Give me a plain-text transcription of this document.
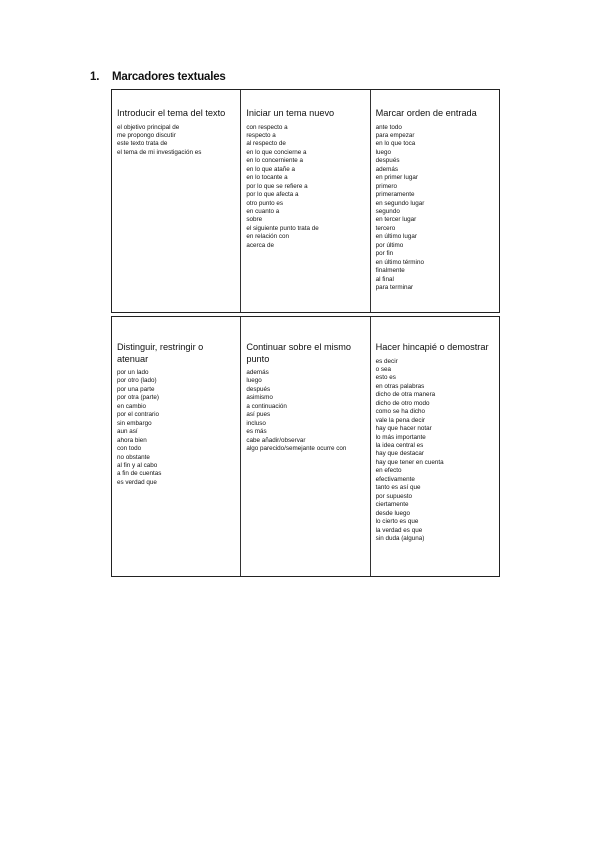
1. Marcadores textuales
Introducir el tema del texto
el objetivo principal de
me propongo discutir
este texto trata de
el tema de mi investigación es
Iniciar un tema nuevo
con respecto a
respecto a
al respecto de
en lo que concierne a
en lo concerniente a
en lo que atañe a
en lo tocante a
por lo que se refiere a
por lo que afecta a
otro punto es
en cuanto a
sobre
el siguiente punto trata de
en relación con
acerca de
Marcar orden de entrada
ante todo
para empezar
en lo que toca
luego
después
además
en primer lugar
primero
primeramente
en segundo lugar
segundo
en tercer lugar
tercero
en último lugar
por último
por fin
en último término
finalmente
al final
para terminar
Distinguir, restringir o atenuar
por un lado
por otro (lado)
por una parte
por otra (parte)
en cambio
por el contrario
sin embargo
aun así
ahora bien
con todo
no obstante
al fin y al cabo
a fin de cuentas
es verdad que
Continuar sobre el mismo punto
además
luego
después
asimismo
a continuación
así pues
incluso
es más
cabe añadir/observar
algo parecido/semejante ocurre con
Hacer hincapié o demostrar
es decir
o sea
esto es
en otras palabras
dicho de otra manera
dicho de otro modo
como se ha dicho
vale la pena decir
hay que hacer notar
lo más importante
la idea central es
hay que destacar
hay que tener en cuenta
en efecto
efectivamente
tanto es así que
por supuesto
ciertamente
desde luego
lo cierto es que
la verdad es que
sin duda (alguna)
